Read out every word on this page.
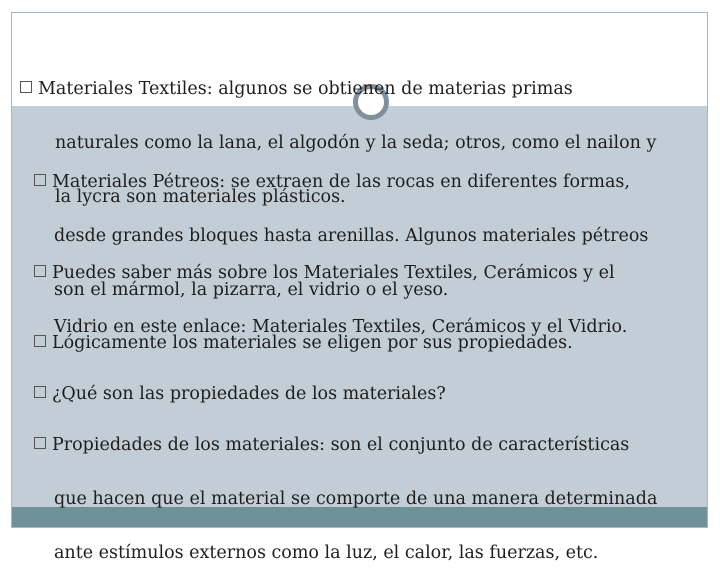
Materiales Textiles: algunos se obtienen de materias primas

naturales como la lana, el algodón y la seda; otros, como el nailon y

la lycra son materiales plásticos.

Materiales Pétreos: se extraen de las rocas en diferentes formas,

desde grandes bloques hasta arenillas. Algunos materiales pétreos

son el mármol, la pizarra, el vidrio o el yeso.

Puedes saber más sobre los Materiales Textiles, Cerámicos y el

Vidrio en este enlace: Materiales Textiles, Cerámicos y el Vidrio.

Lógicamente los materiales se eligen por sus propiedades.

¿Qué son las propiedades de los materiales?

Propiedades de los materiales: son el conjunto de características

que hacen que el material se comporte de una manera determinada

ante estímulos externos como la luz, el calor, las fuerzas, etc.
